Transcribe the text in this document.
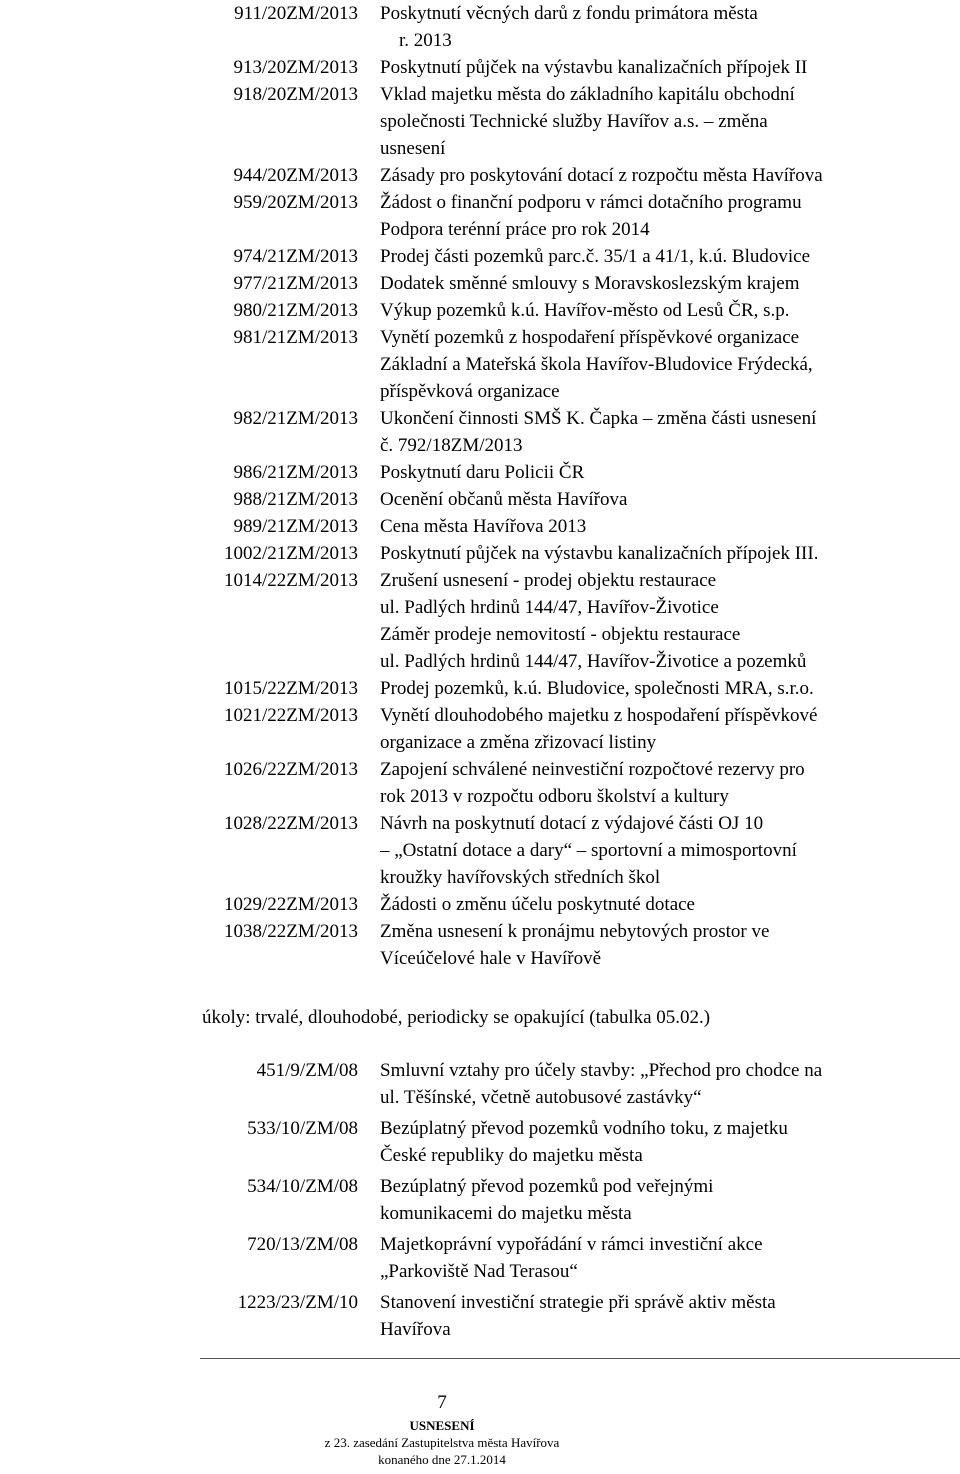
911/20ZM/2013 Poskytnutí věcných darů z fondu primátora města
r. 2013
913/20ZM/2013 Poskytnutí půjček na výstavbu kanalizačních přípojek II
918/20ZM/2013 Vklad majetku města do základního kapitálu obchodní
společnosti Technické služby Havířov a.s. – změna
usnesení
944/20ZM/2013 Zásady pro poskytování dotací z rozpočtu města Havířova
959/20ZM/2013 Žádost o finanční podporu v rámci dotačního programu
Podpora terénní práce pro rok 2014
974/21ZM/2013 Prodej části pozemků parc.č. 35/1 a 41/1, k.ú. Bludovice
977/21ZM/2013 Dodatek směnné smlouvy s Moravskoslezským krajem
980/21ZM/2013 Výkup pozemků k.ú. Havířov-město od Lesů ČR, s.p.
981/21ZM/2013 Vynětí pozemků z hospodaření příspěvkové organizace
Základní a Mateřská škola Havířov-Bludovice Frýdecká,
příspěvková organizace
982/21ZM/2013 Ukončení činnosti SMŠ K. Čapka – změna části usnesení
č. 792/18ZM/2013
986/21ZM/2013 Poskytnutí daru Policii ČR
988/21ZM/2013 Ocenění občanů města Havířova
989/21ZM/2013 Cena města Havířova 2013
1002/21ZM/2013 Poskytnutí půjček na výstavbu kanalizačních přípojek III.
1014/22ZM/2013 Zrušení usnesení - prodej objektu restaurace
ul. Padlých hrdinů 144/47, Havířov-Životice
Záměr prodeje nemovitostí - objektu restaurace
ul. Padlých hrdinů 144/47, Havířov-Životice a pozemků
1015/22ZM/2013 Prodej pozemků, k.ú. Bludovice, společnosti MRA, s.r.o.
1021/22ZM/2013 Vynětí dlouhodobého majetku z hospodaření příspěvkové
organizace a změna zřizovací listiny
1026/22ZM/2013 Zapojení schválené neinvestiční rozpočtové rezervy pro
rok 2013 v rozpočtu odboru školství a kultury
1028/22ZM/2013 Návrh na poskytnutí dotací z výdajové části OJ 10
– „Ostatní dotace a dary“ – sportovní a mimosportovní
kroužky havířovských středních škol
1029/22ZM/2013 Žádosti o změnu účelu poskytnuté dotace
1038/22ZM/2013 Změna usnesení k pronájmu nebytových prostor ve
Víceúčelové hale v Havířově
úkoly: trvalé, dlouhodobé, periodicky se opakující (tabulka 05.02.)
451/9/ZM/08 Smluvní vztahy pro účely stavby: „Přechod pro chodce na
ul. Těšínské, včetně autobusové zastávky“
533/10/ZM/08 Bezúplatný převod pozemků vodního toku, z majetku
České republiky do majetku města
534/10/ZM/08 Bezúplatný převod pozemků pod veřejnými
komunikacemi do majetku města
720/13/ZM/08 Majetkoprávní vypořádání v rámci investiční akce
„Parkoviště Nad Terasou“
1223/23/ZM/10 Stanovení investiční strategie při správě aktiv města
Havířova
7
USNESENÍ
z 23. zasedání Zastupitelstva města Havířova
konaného dne 27.1.2014
